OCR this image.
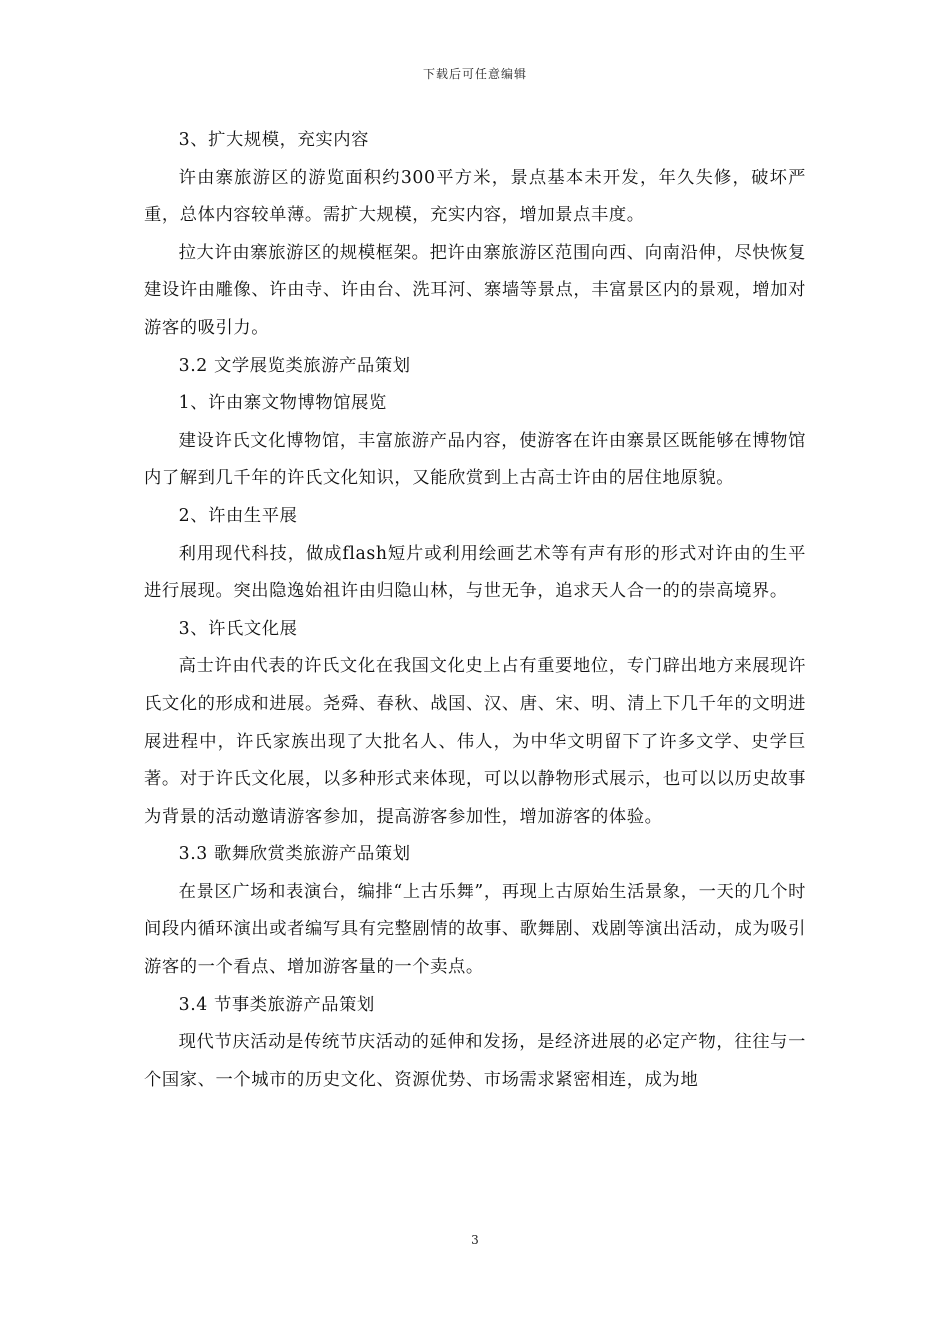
下载后可任意编辑

3、扩大规模，充实内容

许由寨旅游区的游览面积约300平方米，景点基本未开发，年久失修，破坏严重，总体内容较单薄。需扩大规模，充实内容，增加景点丰度。

拉大许由寨旅游区的规模框架。把许由寨旅游区范围向西、向南沿伸，尽快恢复建设许由雕像、许由寺、许由台、洗耳河、寨墙等景点，丰富景区内的景观，增加对游客的吸引力。

3.2 文学展览类旅游产品策划

1、许由寨文物博物馆展览

建设许氏文化博物馆，丰富旅游产品内容，使游客在许由寨景区既能够在博物馆内了解到几千年的许氏文化知识，又能欣赏到上古高士许由的居住地原貌。

2、许由生平展

利用现代科技，做成flash短片或利用绘画艺术等有声有形的形式对许由的生平进行展现。突出隐逸始祖许由归隐山林，与世无争，追求天人合一的的崇高境界。

3、许氏文化展

高士许由代表的许氏文化在我国文化史上占有重要地位，专门辟出地方来展现许氏文化的形成和进展。尧舜、春秋、战国、汉、唐、宋、明、清上下几千年的文明进展进程中，许氏家族出现了大批名人、伟人，为中华文明留下了许多文学、史学巨著。对于许氏文化展，以多种形式来体现，可以以静物形式展示，也可以以历史故事为背景的活动邀请游客参加，提高游客参加性，增加游客的体验。

3.3 歌舞欣赏类旅游产品策划

在景区广场和表演台，编排“上古乐舞”，再现上古原始生活景象，一天的几个时间段内循环演出或者编写具有完整剧情的故事、歌舞剧、戏剧等演出活动，成为吸引游客的一个看点、增加游客量的一个卖点。

3.4 节事类旅游产品策划

现代节庆活动是传统节庆活动的延伸和发扬，是经济进展的必定产物，往往与一个国家、一个城市的历史文化、资源优势、市场需求紧密相连，成为地

3
